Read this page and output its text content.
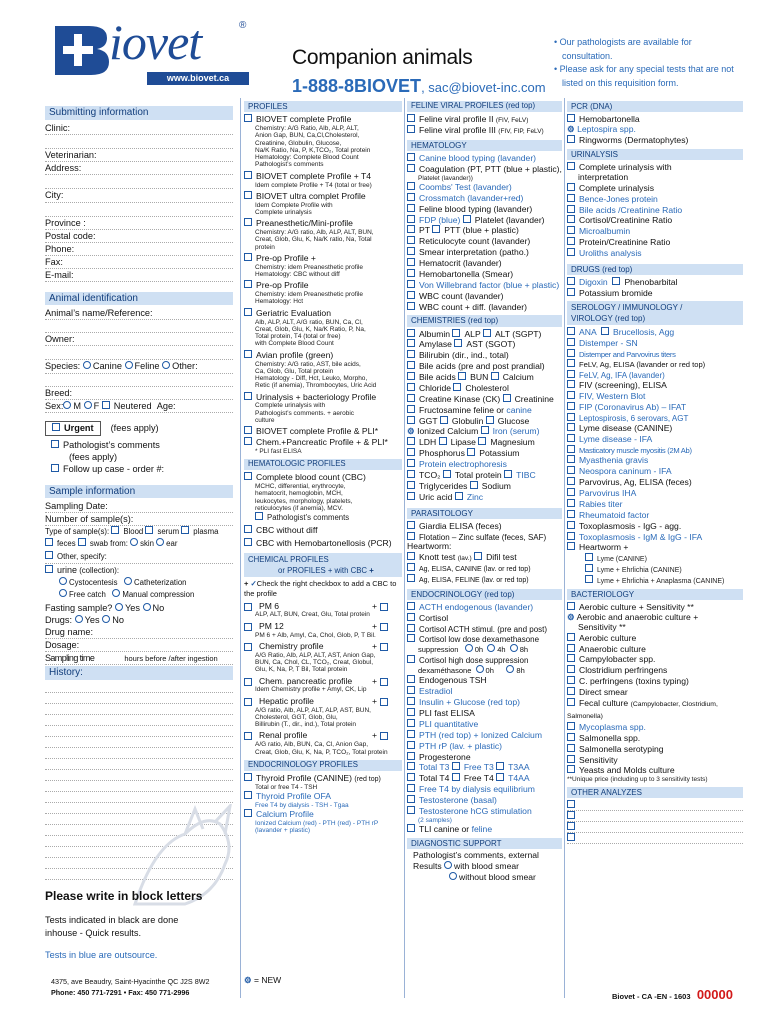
iovet	®
www.biovet.ca
Companion animals
1-888-8BIOVET, sac@biovet-inc.com
• Our pathologists are available for consultation.
• Please ask for any special tests that are not listed on this requisition form.
Submitting information
Clinic:
Veterinarian:
Address:
City:
Province :
Postal code:
Phone:
Fax:
E-mail:
Animal identification
Animal’s name/Reference:
Owner:
Species: Canine Feline Other:
Breed:
Sex: M F Neutered Age:
Urgent	(fees apply)
Pathologist’s comments
(fees apply)
Follow up case - order #:
Sample information
Sampling Date:
Number of sample(s):
Type of sample(s): Blood serum plasma
feces swab from: skin ear
Other, specify:
urine (collection):
Cystocentesis Catheterization
Free catch Manual compression
Fasting sample? Yes No
Drugs: Yes No
Drug name:
Dosage:
Sampling time	hours before /after ingestion
History:
Please write in block letters
Tests indicated in black are done inhouse - Quick results.
Tests in blue are outsource.
4375, ave Beaudry, Saint-Hyacinthe QC J2S 8W2
Phone: 450 771-7291 • Fax: 450 771-2996
PROFILES
BIOVET complete Profile
Chemistry: A/G Ratio, Alb, ALP, ALT,
Anion Gap, BUN, Ca,Cl,Cholesterol,
Creatinine, Globulin, Glucose,
Na/K Ratio, Na, P, K,TCO₂, Total protein
Hematology: Complete Blood Count
Pathologist’s comments
BIOVET complete Profile + T4
Idem complete Profile + T4 (total or free)
BIOVET ultra complet Profile
Idem Complete Profile with
Complete urinalysis
Preanesthetic/Mini-profile
Chemistry: A/G ratio, Alb, ALP, ALT, BUN,
Creat, Glob, Glu, K, Na/K ratio, Na, Total
protein
Pre-op Profile +
Chemistry: idem Preanesthetic profile
Hematology: CBC without diff
Pre-op Profile
Chemistry: idem Preanesthetic profile
Hematology: Hct
Geriatric Evaluation
Alb, ALP, ALT, A/G ratio, BUN, Ca, Cl,
Creat, Glob, Glu, K, Na/K Ratio, P, Na,
Total protein, T4 (total or free)
with Complete Blood Count
Avian profile (green)
Chemistry: A/G ratio, AST, bile acids,
Ca, Glob, Glu, Total protein
Hematology - Diff, Hct, Leuko, Morpho,
Retic (if anemia), Thrombocytes, Uric Acid
Urinalysis + bacteriology Profile
Complete urinalysis with
Pathologist’s comments. + aerobic
culture
BIOVET complete Profile & PLI*
Chem.+Pancreatic Profile + & PLI*
* PLI fast ELISA
HEMATOLOGIC PROFILES
Complete blood count (CBC)
MCHC, differential, erythrocyte,
hematocrit, hemoglobin, MCH,
leukocytes, morphology, platelets,
reticulocytes (if anemia), MCV.
Pathologist’s comments
CBC without diff
CBC with Hemobartonellosis (PCR)
CHEMICAL PROFILES
or PROFILES + with CBC +
+ ✓Check the right checkbox to add a CBC to the profile
PM 6	+
ALP, ALT, BUN, Creat, Glu, Total protein
PM 12	+
PM 6 + Alb, Amyl, Ca, Chol, Glob, P, T Bil.
Chemistry profile	+
A/G Ratio, Alb, ALP, ALT, AST, Anion Gap,
BUN, Ca, Chol, CL, TCO₂, Creat, Globul,
Glu, K, Na, P, T Bil, Total protein
Chem. pancreatic profile	+
Idem Chemistry profile + Amyl, CK, Lip
Hepatic profile	+
A/G ratio, Alb, ALP, ALT, ALP, AST, BUN,
Cholesterol, GGT, Glob, Glu,
Billirubin (T., dir., ind.), Total protein
Renal profile	+
A/G ratio, Alb, BUN, Ca, Cl, Anion Gap,
Creat, Glob, Glu, K, Na, P, TCO₂, Total protein
ENDOCRINOLOGY PROFILES
Thyroid Profile (CANINE) (red top)
Total or free T4 - TSH
Thyroid Profile OFA
Free T4 by dialysis - TSH - Tgaa
Calcium Profile
Ionized Calcium (red) - PTH (red) - PTH rP
(lavander + plastic)
FELINE VIRAL PROFILES (red top)
Feline viral profile II (FIV, FeLV)
Feline viral profile III (FIV, FIP, FeLV)
HEMATOLOGY
Canine blood typing (lavander)
Coagulation (PT, PTT (blue + plastic),
Platelet (lavander))
Coombs' Test (lavander)
Crossmatch (lavander+red)
Feline blood typing (lavander)
FDP (blue) Platelet (lavander)
PT PTT (blue + plastic)
Reticulocyte count (lavander)
Smear interpretation (patho.)
Hematocrit (lavander)
Hemobartonella (Smear)
Von Willebrand factor (blue + plastic)
WBC count (lavander)
WBC count + diff. (lavander)
CHEMISTRIES (red top)
Albumin ALP ALT (SGPT)
Amylase AST (SGOT)
Bilirubin (dir., ind., total)
Bile acids (pre and post prandial)
Bile acids BUN Calcium
Chloride Cholesterol
Creatine Kinase (CK) Creatinine
Fructosamine feline or canine
GGT Globulin Glucose
⚙ Ionized Calcium Iron (serum)
LDH Lipase Magnesium
Phosphorus Potassium
Protein electrophoresis
TCO₂ Total protein TIBC
Triglycerides Sodium
Uric acid Zinc
PARASITOLOGY
Giardia ELISA (feces)
Flotation – Zinc sulfate (feces, SAF)
Heartworm:
Knott test (lav.) Difil test
Ag, ELISA, CANINE (lav. or red top)
Ag, ELISA, FELINE (lav. or red top)
ENDOCRINOLOGY (red top)
ACTH endogenous (lavander)
Cortisol
Cortisol ACTH stimul. (pre and post)
Cortisol low dose dexamethasone
suppression 0h 4h 8h
Cortisol high dose suppression
dexaméthasone 0h	8h
Endogenous TSH
Estradiol
Insulin + Glucose (red top)
PLI fast ELISA
PLI quantitative
PTH (red top) + Ionized Calcium
PTH rP (lav. + plastic)
Progesterone
Total T3 Free T3 T3AA
Total T4 Free T4 T4AA
Free T4 by dialysis equilibrium
Testosterone (basal)
Testosterone hCG stimulation
(2 samples)
TLI canine or feline
DIAGNOSTIC SUPPORT
Pathologist’s comments, external
Results with blood smear
without blood smear
⚙ = NEW
PCR (DNA)
Hemobartonella
⚙ Leptospira spp.
Ringworms (Dermatophytes)
URINALYSIS
Complete urinalysis with
interpretation
Complete urinalysis
Bence-Jones protein
Bile acids /Creatinine Ratio
Cortisol/Creatinine Ratio
Microalbumin
Protein/Creatinine Ratio
Uroliths analysis
DRUGS (red top)
Digoxin Phenobarbital
Potassium bromide
SEROLOGY / IMMUNOLOGY /
VIROLOGY (red top)
ANA Brucellosis, Agg
Distemper - SN
Distemper and Parvovirus titers
FeLV, Ag, ELISA (lavander or red top)
FeLV, Ag, IFA (lavander)
FIV (screening), ELISA
FIV, Western Blot
FIP (Coronavirus Ab) – IFAT
Leptospirosis, 6 serovars, AGT
Lyme disease (CANINE)
Lyme disease - IFA
Masticatory muscle myositis (2M Ab)
Myasthenia gravis
Neospora caninum - IFA
Parvovirus, Ag, ELISA (feces)
Parvovirus IHA
Rabies titer
Rheumatoid factor
Toxoplasmosis - IgG - agg.
Toxoplasmosis - IgM & IgG - IFA
Heartworm +
Lyme (CANINE)
Lyme + Ehrlichia (CANINE)
Lyme + Ehrlichia + Anaplasma (CANINE)
BACTERIOLOGY
Aerobic culture + Sensitivity **
⚙ Aerobic and anaerobic culture +
Sensitivity **
Aerobic culture
Anaerobic culture
Campylobacter spp.
Clostridium perfringens
C. perfringens (toxins typing)
Direct smear
Fecal culture (Campylobacter, Clostridium, Salmonella)
Mycoplasma spp.
Salmonella spp.
Salmonella serotyping
Sensitivity
Yeasts and Molds culture
**Unique price (including up to 3 sensitivity tests)
OTHER ANALYZES
Biovet - CA -EN - 1603 00000
